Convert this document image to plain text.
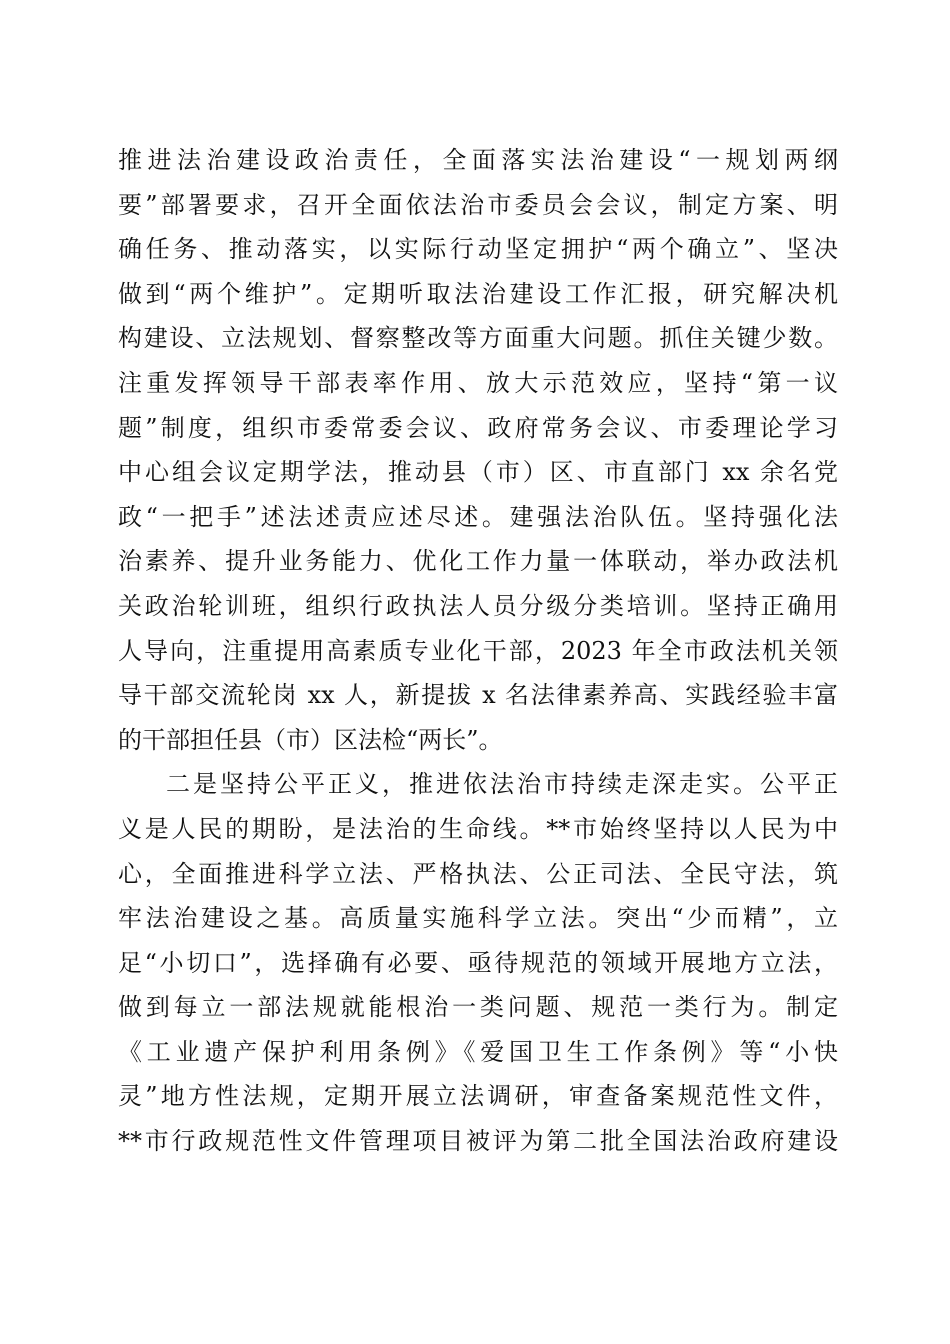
推进法治建设政治责任，全面落实法治建设“一规划两纲
要”部署要求，召开全面依法治市委员会会议，制定方案、明
确任务、推动落实，以实际行动坚定拥护“两个确立”、坚决
做到“两个维护”。定期听取法治建设工作汇报，研究解决机
构建设、立法规划、督察整改等方面重大问题。抓住关键少数。
注重发挥领导干部表率作用、放大示范效应，坚持“第一议
题”制度，组织市委常委会议、政府常务会议、市委理论学习
中心组会议定期学法，推动县（市）区、市直部门 xx 余名党
政“一把手”述法述责应述尽述。建强法治队伍。坚持强化法
治素养、提升业务能力、优化工作力量一体联动，举办政法机
关政治轮训班，组织行政执法人员分级分类培训。坚持正确用
人导向，注重提用高素质专业化干部，2023 年全市政法机关领
导干部交流轮岗 xx 人，新提拔 x 名法律素养高、实践经验丰富
的干部担任县（市）区法检“两长”。
二是坚持公平正义，推进依法治市持续走深走实。公平正
义是人民的期盼，是法治的生命线。**市始终坚持以人民为中
心，全面推进科学立法、严格执法、公正司法、全民守法，筑
牢法治建设之基。高质量实施科学立法。突出“少而精”，立
足“小切口”，选择确有必要、亟待规范的领域开展地方立法，
做到每立一部法规就能根治一类问题、规范一类行为。制定
《工业遗产保护利用条例》《爱国卫生工作条例》等“小快
灵”地方性法规，定期开展立法调研，审查备案规范性文件，
**市行政规范性文件管理项目被评为第二批全国法治政府建设
